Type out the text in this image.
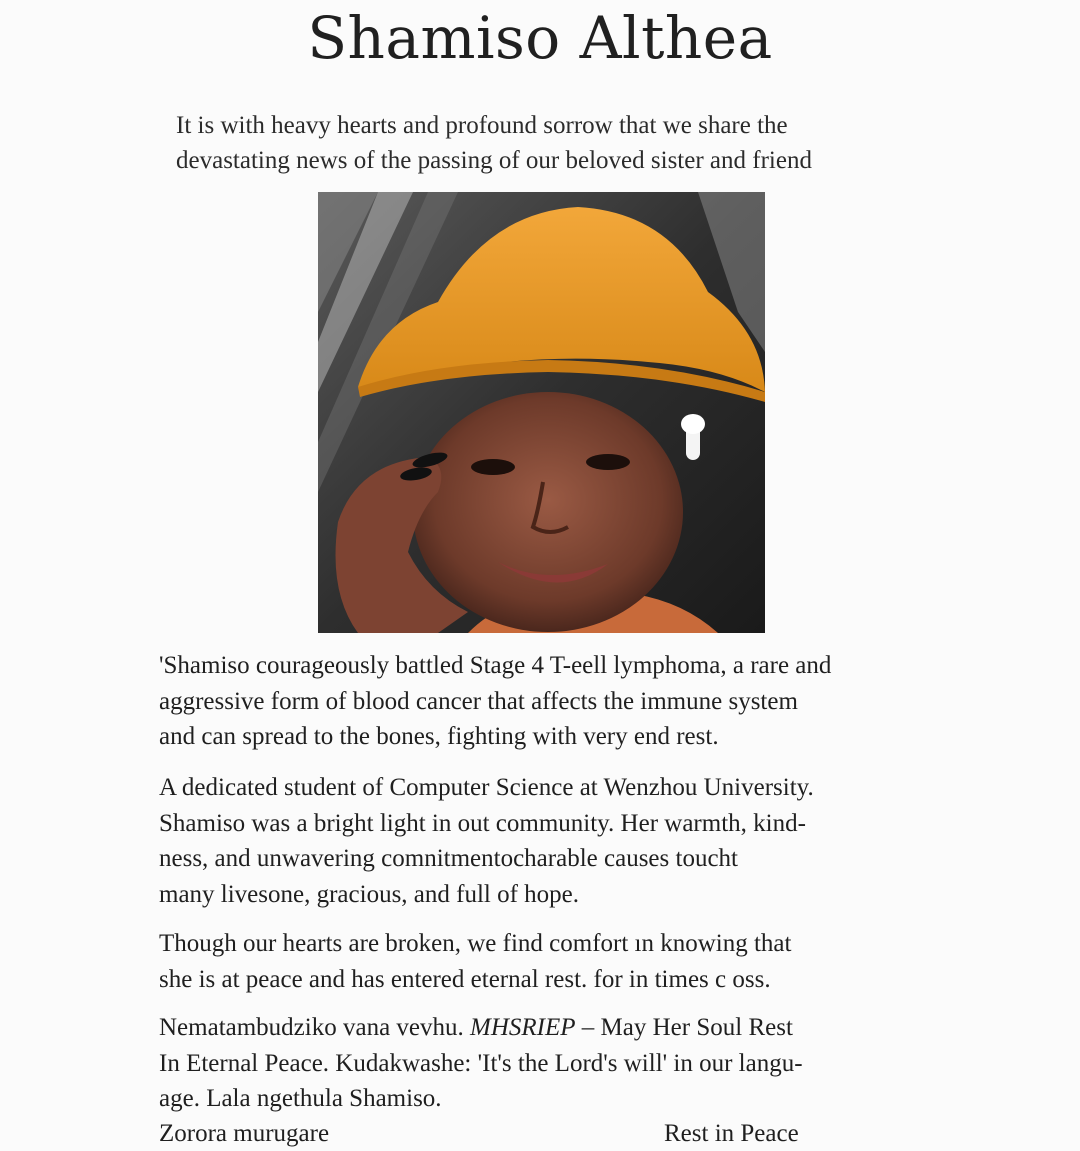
Shamiso Althea
It is with heavy hearts and profound sorrow that we share the
devastating news of the passing of our beloved sister and friend
'Shamiso courageously battled Stage 4 T-eell lymphoma, a rare and
aggressive form of blood cancer that affects the immune system
and can spread to the bones, fighting with very end rest.
A dedicated student of Computer Science at Wenzhou University.
Shamiso was a bright light in out community. Her warmth, kind-
ness, and unwavering comnitmentocharable causes toucht
many livesone, gracious, and full of hope.
Though our hearts are broken, we find comfort ın knowing that
she is at peace and has entered eternal rest. for in times c oss.
Nematambudziko vana vevhu. MHSRIEP – May Her Soul Rest
In Eternal Peace. Kudakwashe: 'It's the Lord's will' in our langu-
age. Lala ngethula Shamiso.
Zorora murugare	Rest in Peace
